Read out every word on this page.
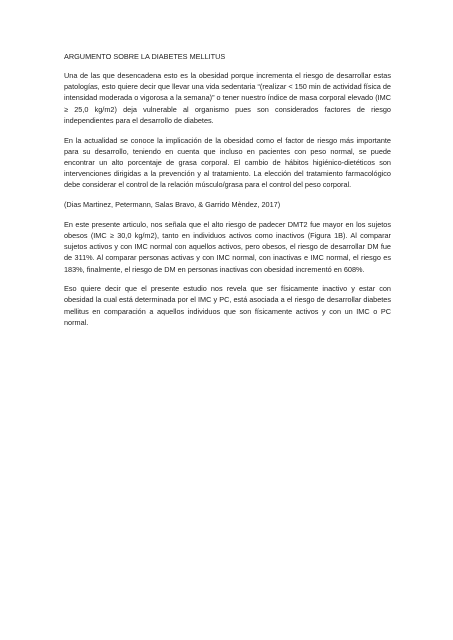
ARGUMENTO SOBRE LA DIABETES MELLITUS

Una de las que desencadena esto es la obesidad porque incrementa el riesgo de desarrollar estas patologías, esto quiere decir que llevar una vida sedentaria “(realizar < 150 min de actividad física de intensidad moderada o vigorosa a la semana)” o tener nuestro índice de masa corporal elevado (IMC ≥ 25,0 kg/m2) deja vulnerable al organismo pues son considerados factores de riesgo independientes para el desarrollo de diabetes.

En la actualidad se conoce la implicación de la obesidad como el factor de riesgo más importante para su desarrollo, teniendo en cuenta que incluso en pacientes con peso normal, se puede encontrar un alto porcentaje de grasa corporal. El cambio de hábitos higiénico-dietéticos son intervenciones dirigidas a la prevención y al tratamiento. La elección del tratamiento farmacológico debe considerar el control de la relación músculo/grasa para el control del peso corporal.

(Dias Martinez, Petermann, Salas Bravo, & Garrido Mèndez, 2017)

En este presente articulo, nos señala que el alto riesgo de padecer DMT2 fue mayor en los sujetos obesos (IMC ≥ 30,0 kg/m2), tanto en individuos activos como inactivos (Figura 1B). Al comparar sujetos activos y con IMC normal con aquellos activos, pero obesos, el riesgo de desarrollar DM fue de 311%. Al comparar personas activas y con IMC normal, con inactivas e IMC normal, el riesgo es 183%, finalmente, el riesgo de DM en personas inactivas con obesidad incrementó en 608%.

Eso quiere decir que el presente estudio nos revela que ser físicamente inactivo y estar con obesidad la cual está determinada por el IMC y PC, está asociada a el riesgo de desarrollar diabetes mellitus en comparación a aquellos individuos que son físicamente activos y con un IMC o PC normal.
